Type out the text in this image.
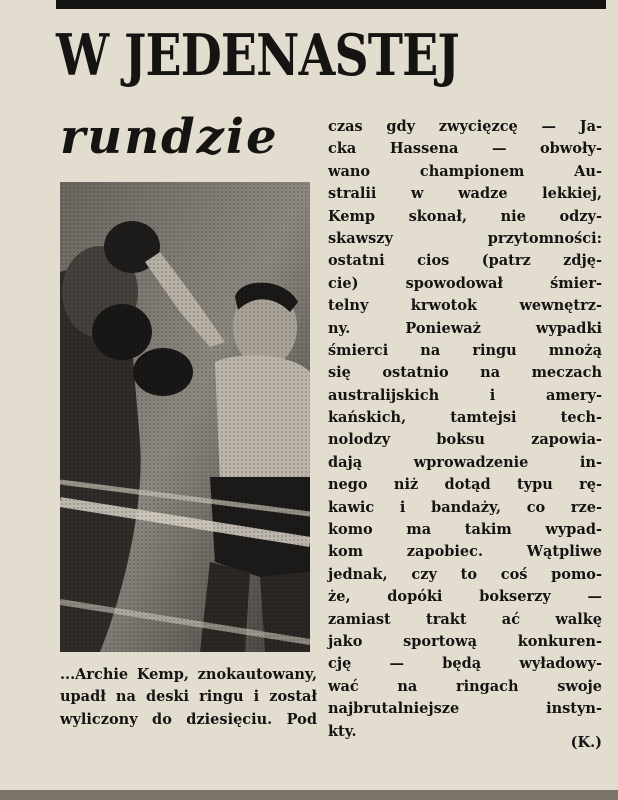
W JEDENASTEJ
rundzie

...Archie Kemp, znokautowany, upadł na deski ringu i został wyliczony do dziesięciu. Pod

czas gdy zwycięzcę — Ja-
cka Hassena — obwoły-
wano championem Au-
stralii w wadze lekkiej,
Kemp skonał, nie odzy-
skawszy przytomności:
ostatni cios (patrz zdję-
cie) spowodował śmier-
telny krwotok wewnętrz-
ny. Ponieważ wypadki
śmierci na ringu mnożą
się ostatnio na meczach
australijskich i amery-
kańskich, tamtejsi tech-
nolodzy boksu zapowia-
dają wprowadzenie in-
nego niż dotąd typu rę-
kawic i bandaży, co rze-
komo ma takim wypad-
kom zapobiec. Wątpliwe
jednak, czy to coś pomo-
że, dopóki bokserzy —
zamiast trakt ać walkę
jako sportową konkuren-
cję — będą wyładowy-
wać na ringach swoje
najbrutalniejsze instyn-
kty.
(K.)
